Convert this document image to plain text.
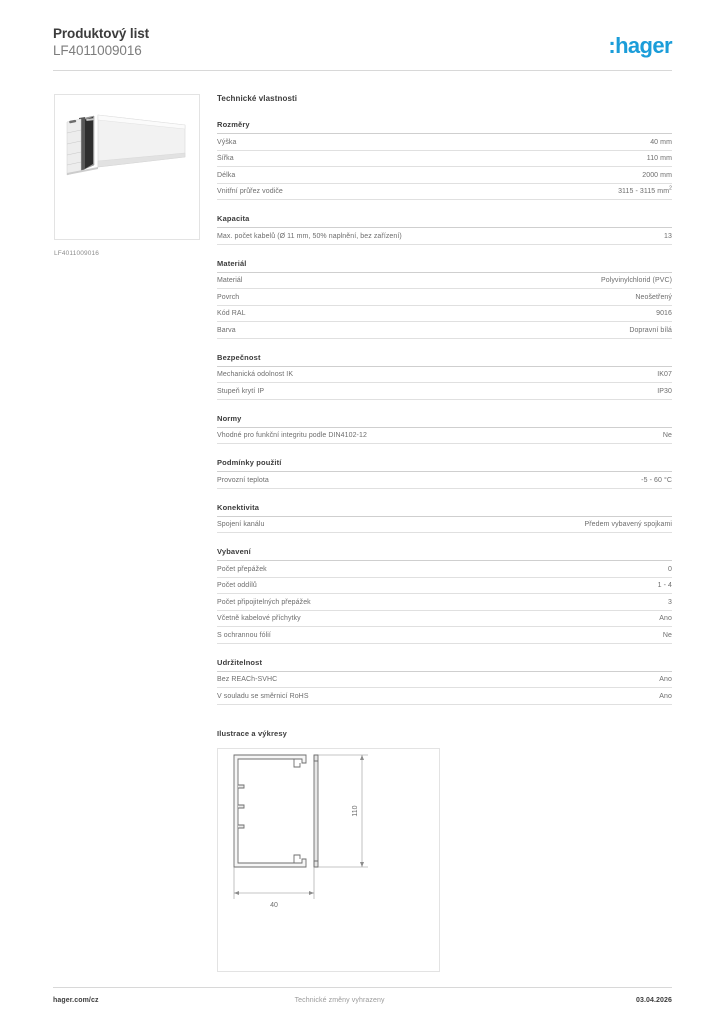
Produktový list
LF4011009016	:hager
LF4011009016
Technické vlastnosti
Rozměry
Výška	40 mm
Šířka	110 mm
Délka	2000 mm
Vnitřní průřez vodiče	3115 - 3115 $mm^2$
Kapacita
Max. počet kabelů (Ø 11 mm, 50% naplnění, bez zařízení)	13
Materiál
Materiál	Polyvinylchlorid (PVC)
Povrch	Neošetřený
Kód RAL	9016
Barva	Dopravní bílá
Bezpečnost
Mechanická odolnost IK	IK07
Stupeň krytí IP	IP30
Normy
Vhodné pro funkční integritu podle DIN4102-12	Ne
Podmínky použití
Provozní teplota	-5 - 60 °C
Konektivita
Spojení kanálu	Předem vybavený spojkami
Vybavení
Počet přepážek	0
Počet oddílů	1 - 4
Počet připojitelných přepážek	3
Včetně kabelové příchytky	Ano
S ochrannou fólií	Ne
Udržitelnost
Bez REACh-SVHC	Ano
V souladu se směrnicí RoHS	Ano
Ilustrace a výkresy
110
40
hager.com/cz	Technické změny vyhrazeny	03.04.2026
